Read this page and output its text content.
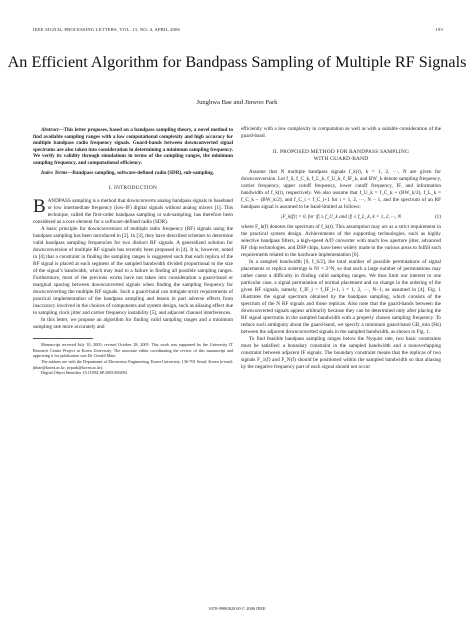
IEEE SIGNAL PROCESSING LETTERS, VOL. 13, NO. 4, APRIL 2006	193
An Efficient Algorithm for Bandpass Sampling of Multiple RF Signals
Junghwa Bae and Jinwoo Park

Abstract—This letter proposes, based on a bandpass sampling theory, a novel method to find available sampling ranges with a low computational complexity and high accuracy for multiple bandpass radio frequency signals. Guard-bands between downconverted signal spectrums are also taken into consideration in determining a minimum sampling frequency. We verify its validity through simulations in terms of the sampling ranges, the minimum sampling frequency, and computational efficiency.

Index Terms—Bandpass sampling, software-defined radio (SDR), sub-sampling.

I. INTRODUCTION

BANDPASS sampling is a method that downconverts analog bandpass signals to baseband or low intermediate frequency (low-IF) digital signals without analog mixers [1]. This technique, called the first-order bandpass sampling or sub-sampling, has therefore been considered as a core element for a software-defined radio (SDR).

A basic principle for downconversion of multiple radio frequency (RF) signals using the bandpass sampling has been introduced in [2]. In [3], they have described schemes to determine valid bandpass sampling frequencies for two distinct RF signals. A generalized solution for downconversion of multiple RF signals has recently been proposed in [4]. It is, however, noted in [4] that a constraint in finding the sampling ranges is suggested such that each replica of the RF signal is placed at each segment of the sampled bandwidth divided proportional to the size of the signal’s bandwidth, which may lead to a failure in finding all possible sampling ranges. Furthermore, most of the previous works have not taken into consideration a guard-band or marginal spacing between downconverted signals when finding the sampling frequency for downconverting the multiple RF signals. Such a guard-band can mitigate strict requirements of practical implementation of the bandpass sampling and lessen in part adverse effects from inaccuracy involved in the choices of components and system design, such as aliasing effect due to sampling clock jitter and carrier frequency instability [5], and adjacent channel interferences.

In this letter, we propose an algorithm for finding valid sampling ranges and a minimum sampling rate more accurately and

Manuscript received July 10, 2005; revised October 28, 2005. This work was supported by the University IT Research Center Project at Korea University. The associate editor coordinating the review of this manuscript and approving it for publication was Dr. Gerald Matz.

The authors are with the Department of Electronics Engineering, Korea University, 136-701 Seoul, Korea (e-mail: jhbae@korea.ac.kr; jwpark@korea.ac.kr).

Digital Object Identifier 10.1109/LSP.2005.863694

efficiently with a low complexity in computation as well as with a suitable consideration of the guard-band.

II. PROPOSED METHOD FOR BANDPASS SAMPLING
WITH GUARD-BAND

Assume that N multiple bandpass signals f_k(t), k = 1, 2, ···, N are given for downconversion. Let f_S, f_C_k, f_L_k, f_U_k, f_IF_k, and BW_k denote sampling frequency, carrier frequency, upper cutoff frequency, lower cutoff frequency, IF, and information bandwidth of f_k(t), respectively. We also assume that f_U_k = f_C_k + (BW_k/2), f_L_k = f_C_k − (BW_k/2), and f_C_i < f_C_i+1 for i = 1, 2, ···, N − 1, and the spectrum of an RF bandpass signal is assumed to be band-limited as follows:

|F_k(f)| = 0, for |f| ≥ f_U_k and |f| ≤ f_L_k, k = 1, 2, ···, N	(1)

where F_k(f) denotes the spectrum of f_k(t). This assumption may act as a strict requirement in the practical system design. Achievements of the supporting technologies, such as highly selective bandpass filters, a high-speed A/D converter with much low aperture jitter, advanced RF chip technologies, and DSP chips, have been widely made in the various areas to fulfill such requirements related to the hardware implementation [6].

In a sampled bandwidth [0, f_S/2], the total number of possible permutations of signal placements or replica orderings is N! × 2^N, so that such a large number of permutations may rather cause a difficulty in finding valid sampling ranges. We thus limit our interest to one particular case, a signal permutation of normal placement and no change in the ordering of the given RF signals, namely, f_IF_i < f_IF_i+1, i = 1, 2, ···, N−1, as assumed in [4]. Fig. 1 illustrates the signal spectrum obtained by the bandpass sampling, which consists of the spectrum of the N RF signals and those replicas. Also note that the guard-bands between the downconverted signals appear arbitrarily because they can be determined only after placing the RF signal spectrums in the sampled bandwidth with a properly chosen sampling frequency. To reduce such ambiguity about the guard-band, we specify a minimum guard-band GB_min (Hz) between the adjacent downconverted signals in the sampled bandwidth, as shown in Fig. 1.

To find feasible bandpass sampling ranges below the Nyquist rate, two basic constraints must be satisfied: a boundary constraint in the sampled bandwidth and a nonoverlapping constraint between adjacent IF signals. The boundary constraint means that the replicas of two signals F_1(f) and F_N(f) should be positioned within the sampled bandwidth so that aliasing by the negative frequency part of each signal should not occur

1070-9908/$20.00 © 2006 IEEE
